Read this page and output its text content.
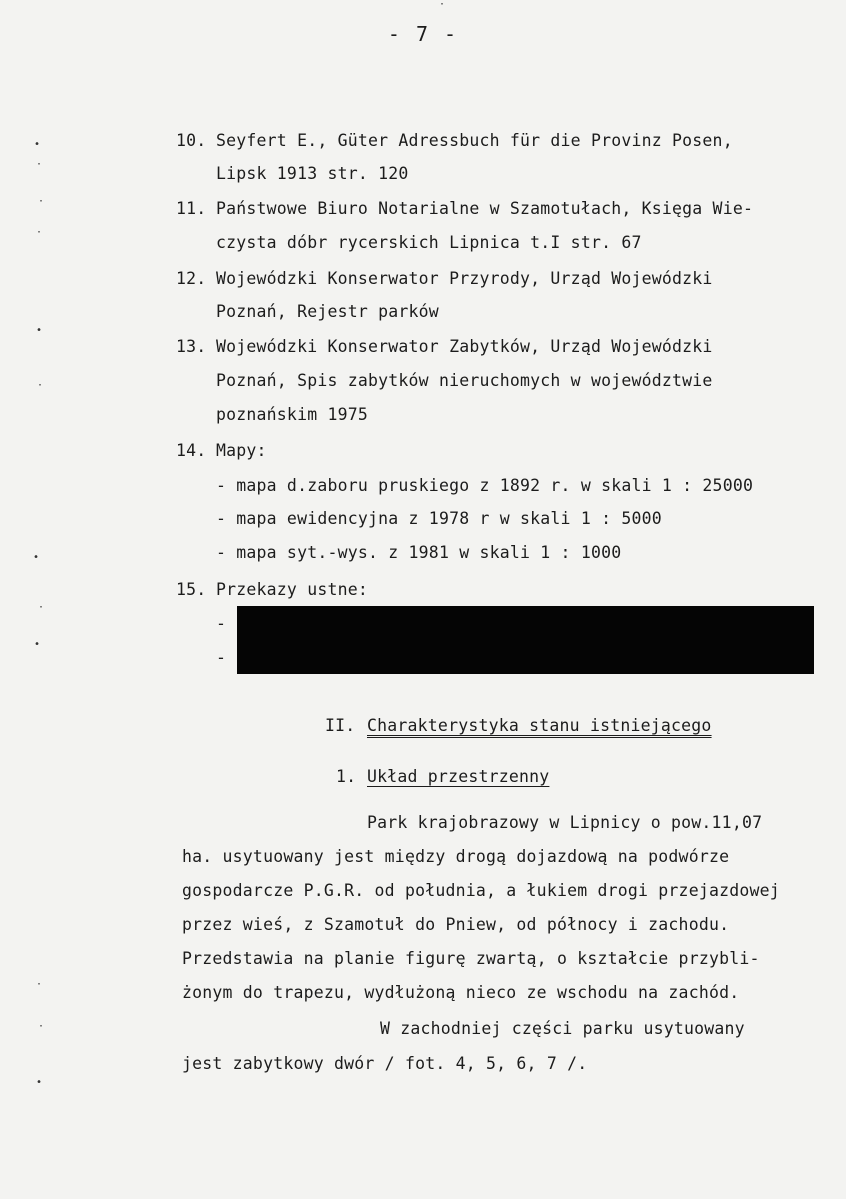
- 7 -
10. Seyfert E., Güter Adressbuch für die Provinz Posen,
Lipsk 1913 str. 120
11. Państwowe Biuro Notarialne w Szamotułach, Księga Wie-
czysta dóbr rycerskich Lipnica t.I str. 67
12. Wojewódzki Konserwator Przyrody, Urząd Wojewódzki
Poznań, Rejestr parków
13. Wojewódzki Konserwator Zabytków, Urząd Wojewódzki
Poznań, Spis zabytków nieruchomych w województwie
poznańskim 1975
14. Mapy:
- mapa d.zaboru pruskiego z 1892 r. w skali 1 : 25000
- mapa ewidencyjna z 1978 r w skali 1 : 5000
- mapa syt.-wys. z 1981 w skali 1 : 1000
15. Przekazy ustne:
-
-
II. Charakterystyka stanu istniejącego
1. Układ przestrzenny
Park krajobrazowy w Lipnicy o pow.11,07
ha. usytuowany jest między drogą dojazdową na podwórze
gospodarcze P.G.R. od południa, a łukiem drogi przejazdowej
przez wieś, z Szamotuł do Pniew, od północy i zachodu.
Przedstawia na planie figurę zwartą, o kształcie przybli-
żonym do trapezu, wydłużoną nieco ze wschodu na zachód.
W zachodniej części parku usytuowany
jest zabytkowy dwór / fot. 4, 5, 6, 7 /.
•
·
·
·
•
·
•
·
•
·
·
•
·
